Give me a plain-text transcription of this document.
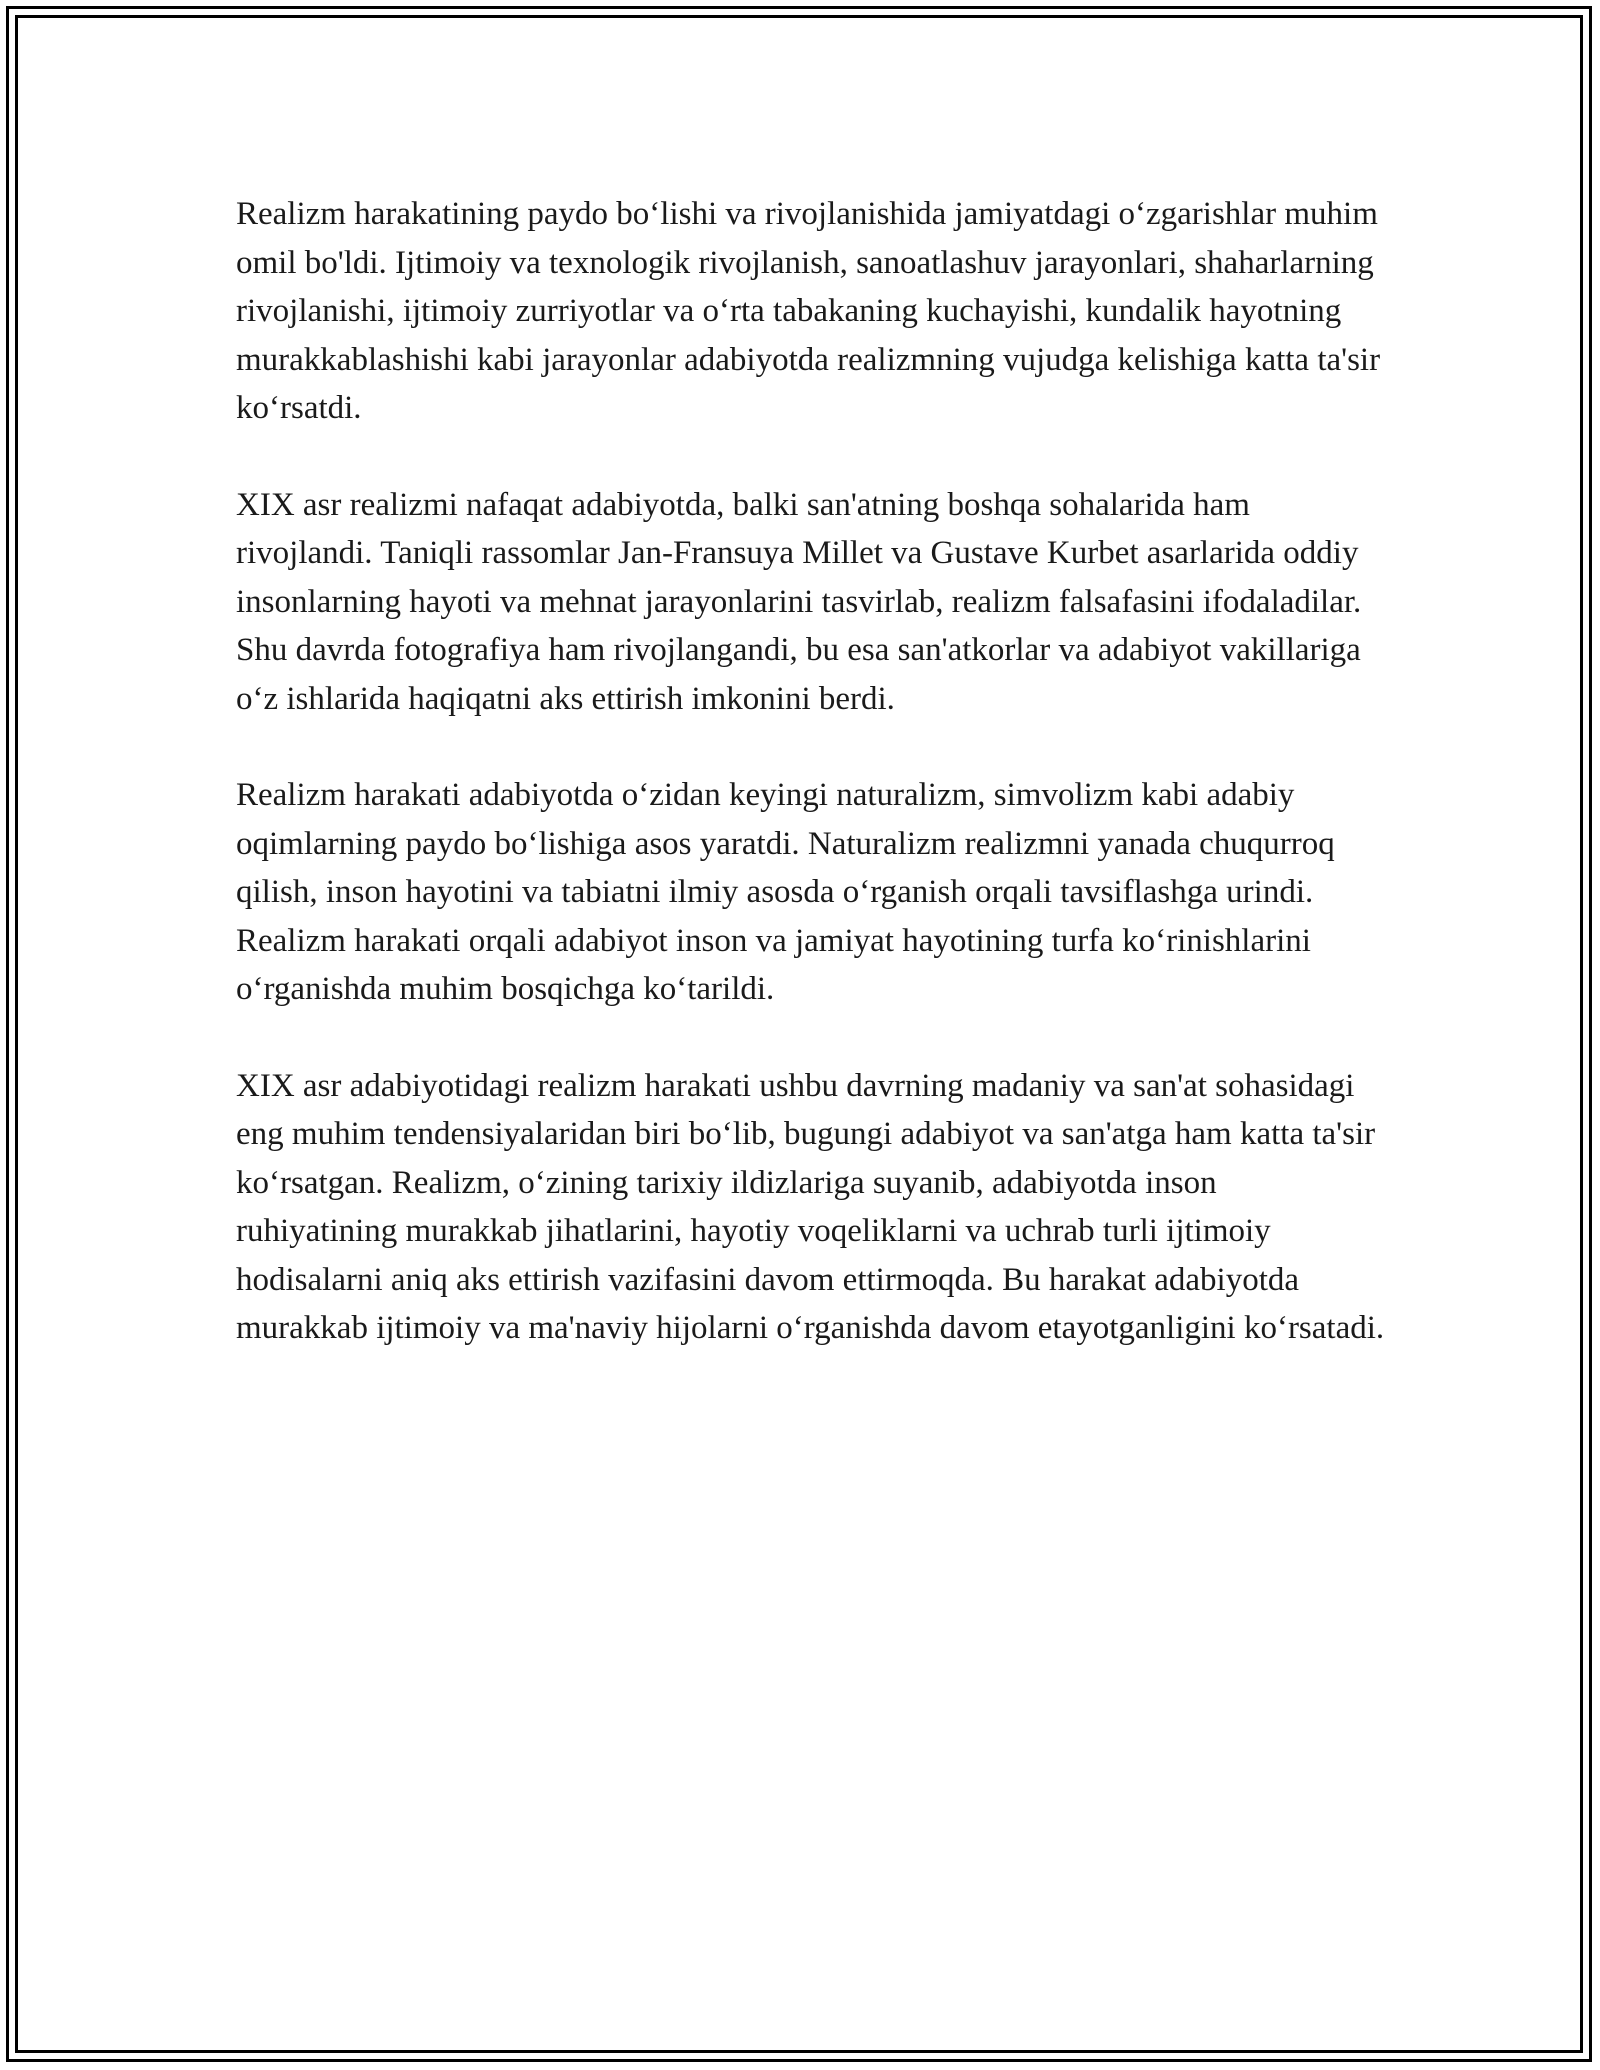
Realizm harakatining paydo bo‘lishi va rivojlanishida jamiyatdagi o‘zgarishlar muhim omil bo'ldi. Ijtimoiy va texnologik rivojlanish, sanoatlashuv jarayonlari, shaharlarning rivojlanishi, ijtimoiy zurriyotlar va o‘rta tabakaning kuchayishi, kundalik hayotning murakkablashishi kabi jarayonlar adabiyotda realizmning vujudga kelishiga katta ta'sir ko‘rsatdi.

XIX asr realizmi nafaqat adabiyotda, balki san'atning boshqa sohalarida ham rivojlandi. Taniqli rassomlar Jan-Fransuya Millet va Gustave Kurbet asarlarida oddiy insonlarning hayoti va mehnat jarayonlarini tasvirlab, realizm falsafasini ifodaladilar. Shu davrda fotografiya ham rivojlangandi, bu esa san'atkorlar va adabiyot vakillariga o‘z ishlarida haqiqatni aks ettirish imkonini berdi.

Realizm harakati adabiyotda o‘zidan keyingi naturalizm, simvolizm kabi adabiy oqimlarning paydo bo‘lishiga asos yaratdi. Naturalizm realizmni yanada chuqurroq qilish, inson hayotini va tabiatni ilmiy asosda o‘rganish orqali tavsiflashga urindi. Realizm harakati orqali adabiyot inson va jamiyat hayotining turfa ko‘rinishlarini o‘rganishda muhim bosqichga ko‘tarildi.

XIX asr adabiyotidagi realizm harakati ushbu davrning madaniy va san'at sohasidagi eng muhim tendensiyalaridan biri bo‘lib, bugungi adabiyot va san'atga ham katta ta'sir ko‘rsatgan. Realizm, o‘zining tarixiy ildizlariga suyanib, adabiyotda inson ruhiyatining murakkab jihatlarini, hayotiy voqeliklarni va uchrab turli ijtimoiy hodisalarni aniq aks ettirish vazifasini davom ettirmoqda. Bu harakat adabiyotda murakkab ijtimoiy va ma'naviy hijolarni o‘rganishda davom etayotganligini ko‘rsatadi.
